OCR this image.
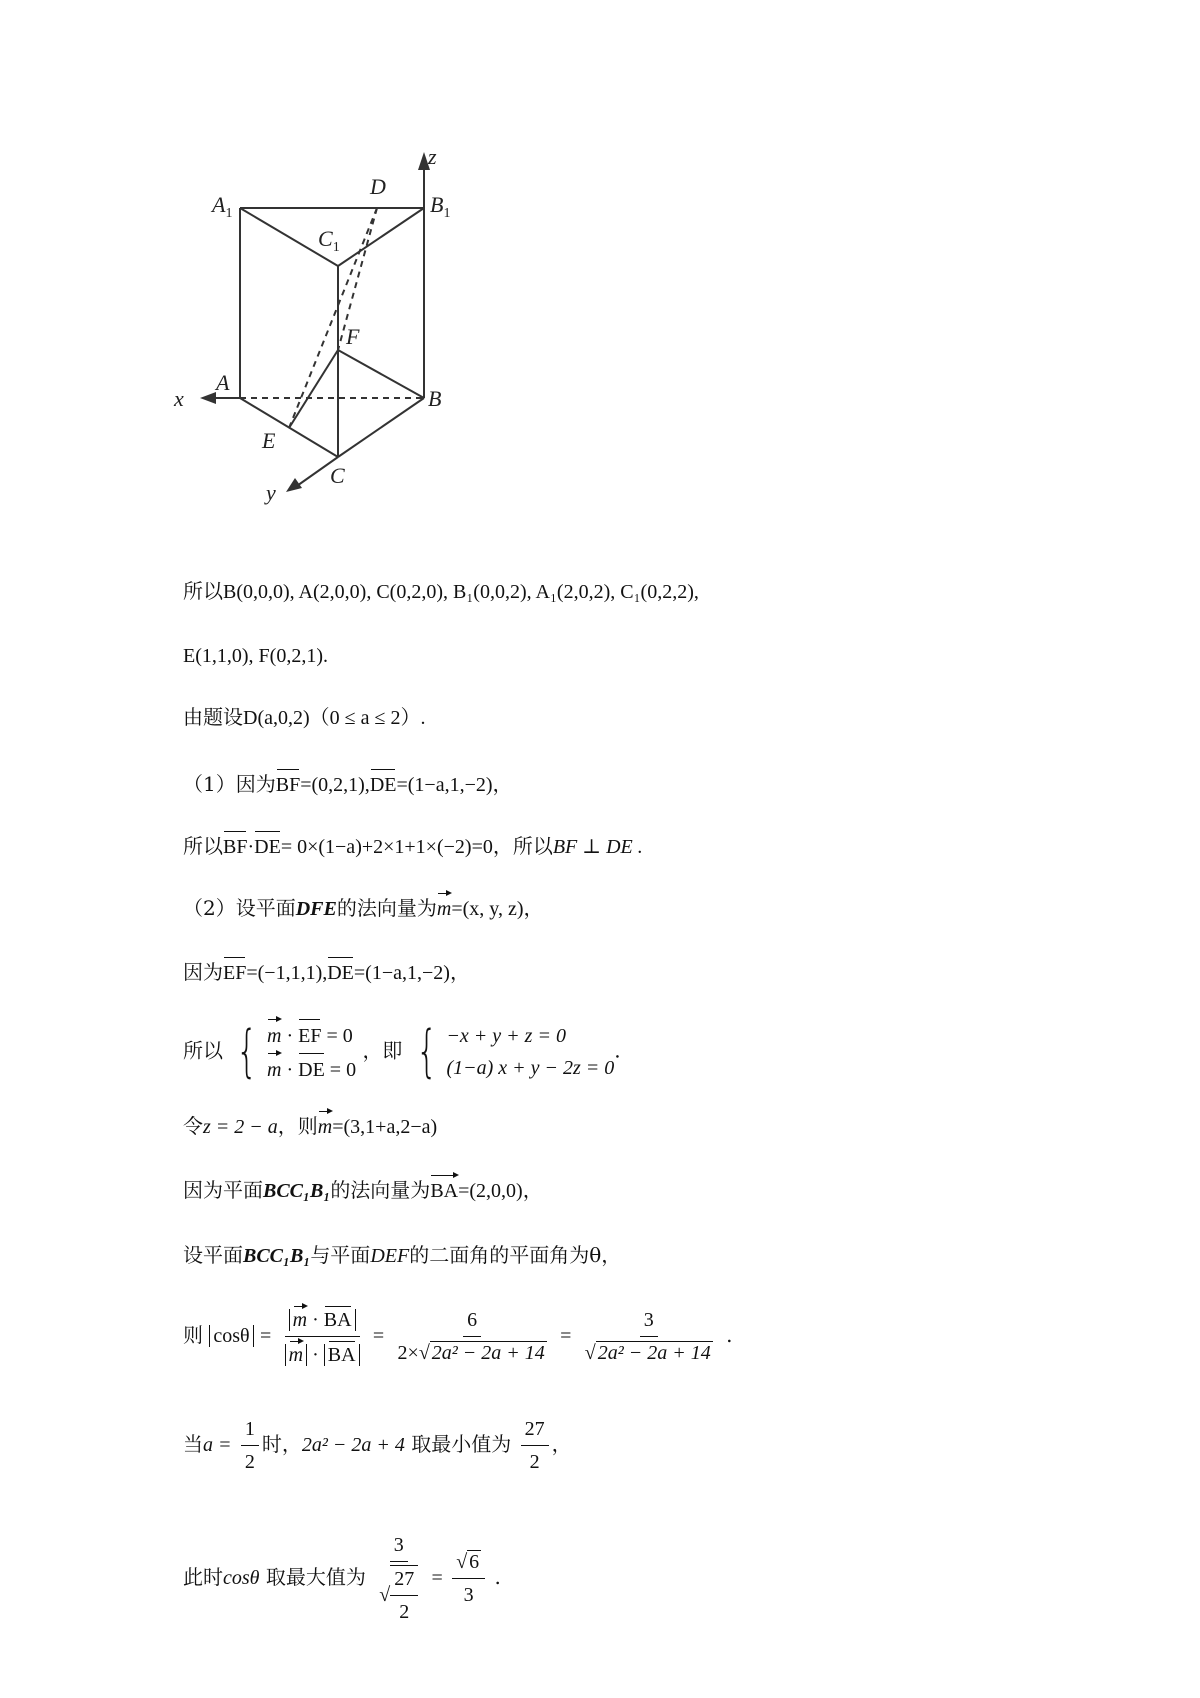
z
x
y
$A_1$	$B_1$
$C_1$
D
F
A
B
C
E
所以B(0,0,0), A(2,0,0), C(0,2,0), B₁(0,0,2), A₁(2,0,2), C₁(0,2,2),
E(1,1,0), F(0,2,1).
由题设D(a,0,2)（0 ≤ a ≤ 2）.
（1）因为BF=(0,2,1),DE=(1−a,1,−2)，
所以BF·DE= 0×(1−a)+2×1+1×(−2)=0，所以BF ⊥ DE .
（2）设平面DFE的法向量为m=(x, y, z)，
因为EF=(−1,1,1),DE=(1−a,1,−2)，
所以 { m · EF = 0
m · DE = 0
，即 { −x + y + z = 0
(1−a) x + y − 2z = 0
.
令z = 2 − a，则m=(3,1+a,2−a)
因为平面BCC₁B₁的法向量为BA=(2,0,0)，
设平面BCC₁B₁与平面DEF的二面角的平面角为θ，
则 $\cos\theta = \frac{m \cdot BA}{m \cdot BA} = \frac{6}{\text{2×√ 2a² − 2a + 14}} = \frac{3}{\text{√ 2a² − 2a + 14}}$ .
当$a = \frac{1}{2}$ 时，2a² − 2a + 4 取最小值为 $\frac{27}{2}$ ，
此时cosθ 取最大值为 $\frac{3}{√ \frac{27}{2}} = \frac{√ 6}{3}$ .
